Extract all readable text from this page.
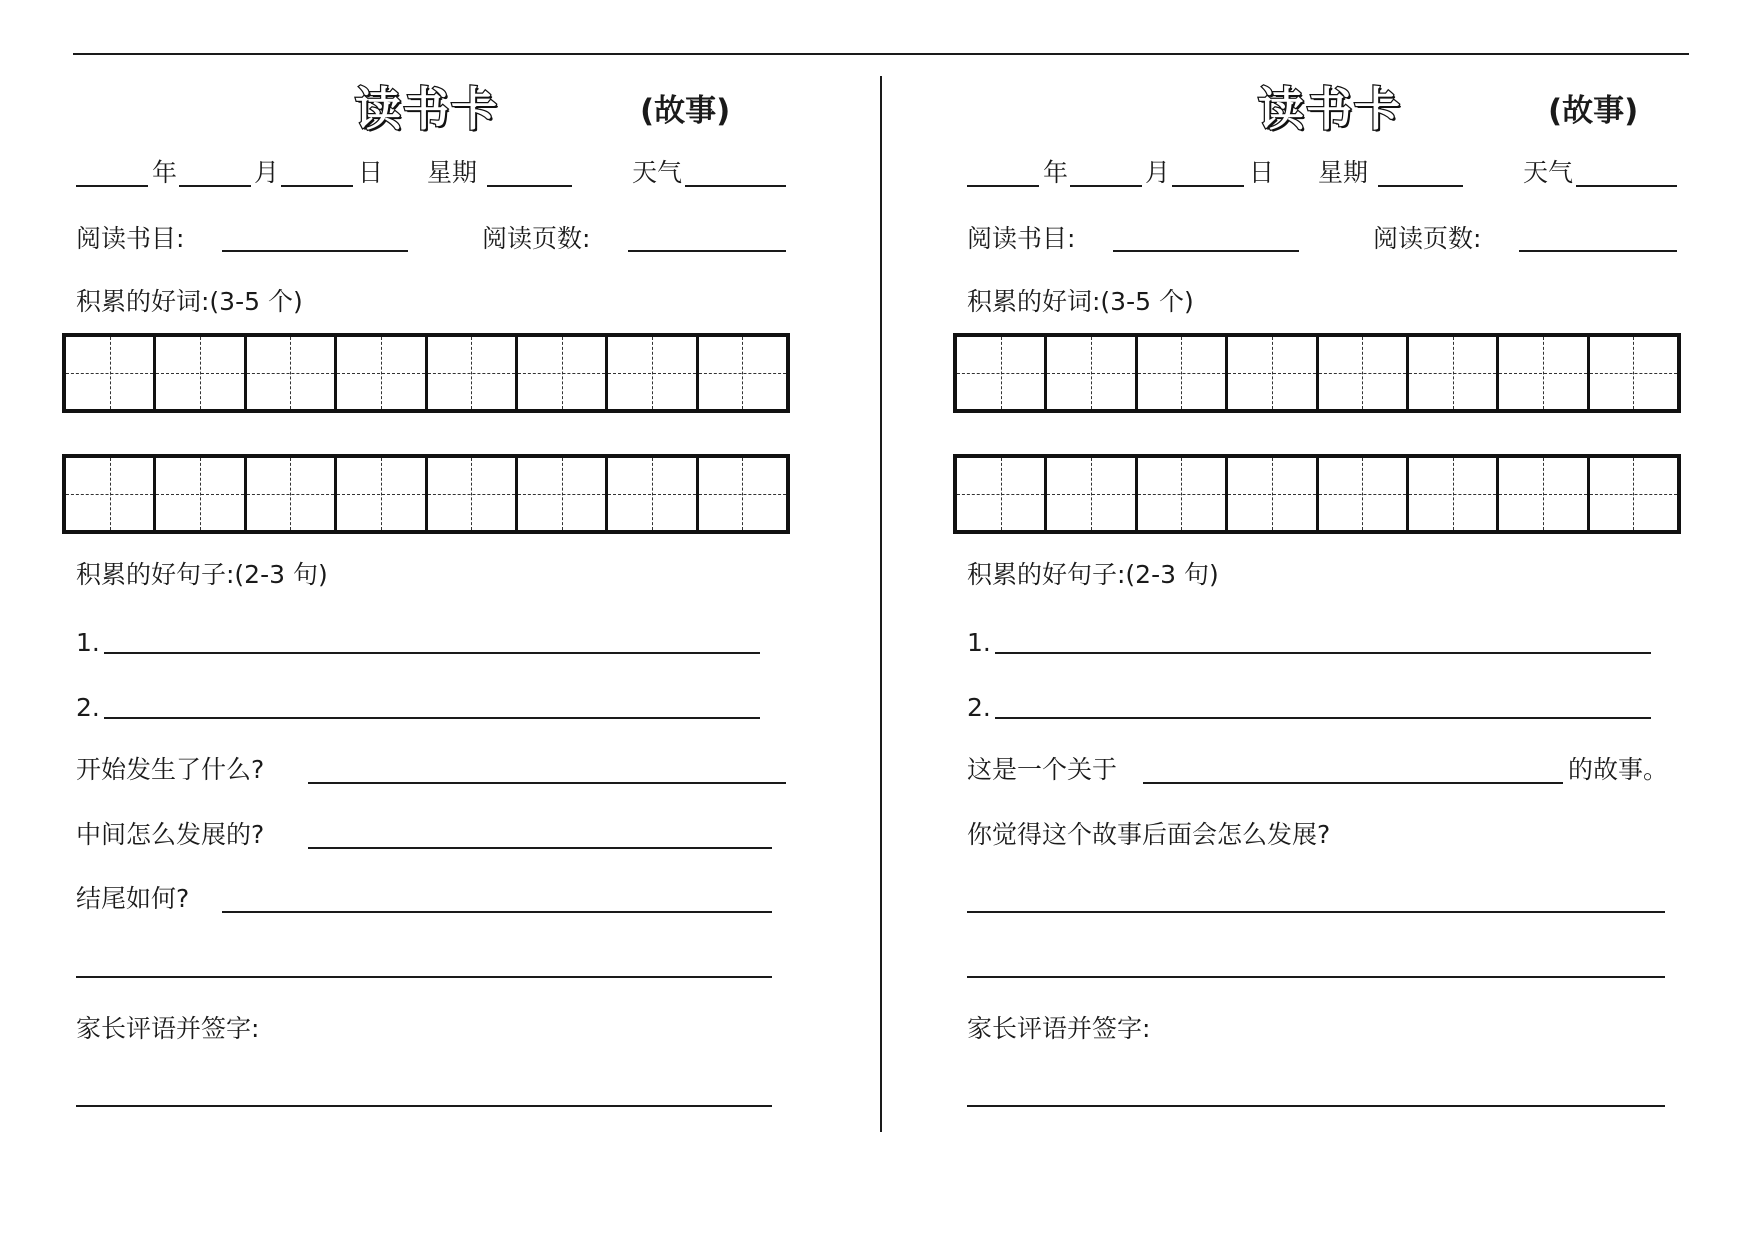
读书卡	(故事)
年	月	日 星期	天气
阅读书目:	阅读页数:
积累的好词:(3-5 个)
积累的好句子:(2-3 句)
1.
2.
开始发生了什么?
中间怎么发展的?
结尾如何?
家长评语并签字:
读书卡	(故事)
年	月	日 星期	天气
阅读书目:	阅读页数:
积累的好词:(3-5 个)
积累的好句子:(2-3 句)
1.
2.
这是一个关于	的故事。
你觉得这个故事后面会怎么发展?
家长评语并签字:
